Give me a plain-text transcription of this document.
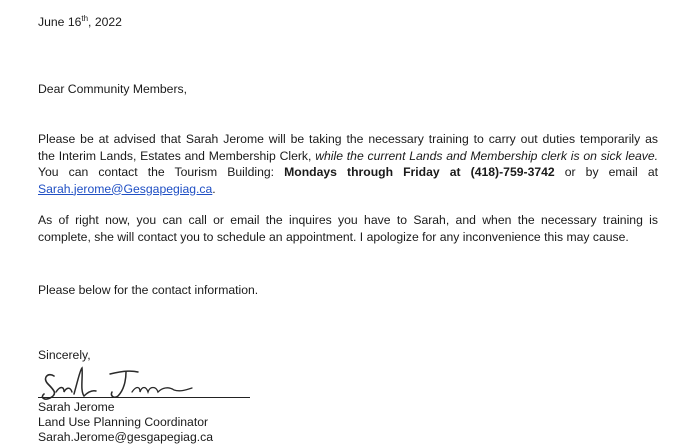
June 16th, 2022
Dear Community Members,
Please be at advised that Sarah Jerome will be taking the necessary training to carry out duties temporarily as
the Interim Lands, Estates and Membership Clerk, while the current Lands and Membership clerk is on sick leave.
You can contact the Tourism Building: Mondays through Friday at (418)-759-3742 or by email at
Sarah.jerome@Gesgapegiag.ca.
As of right now, you can call or email the inquires you have to Sarah, and when the necessary training is
complete, she will contact you to schedule an appointment. I apologize for any inconvenience this may cause.
Please below for the contact information.
Sincerely,
Sarah Jerome
Land Use Planning Coordinator
Sarah.Jerome@gesgapegiag.ca
